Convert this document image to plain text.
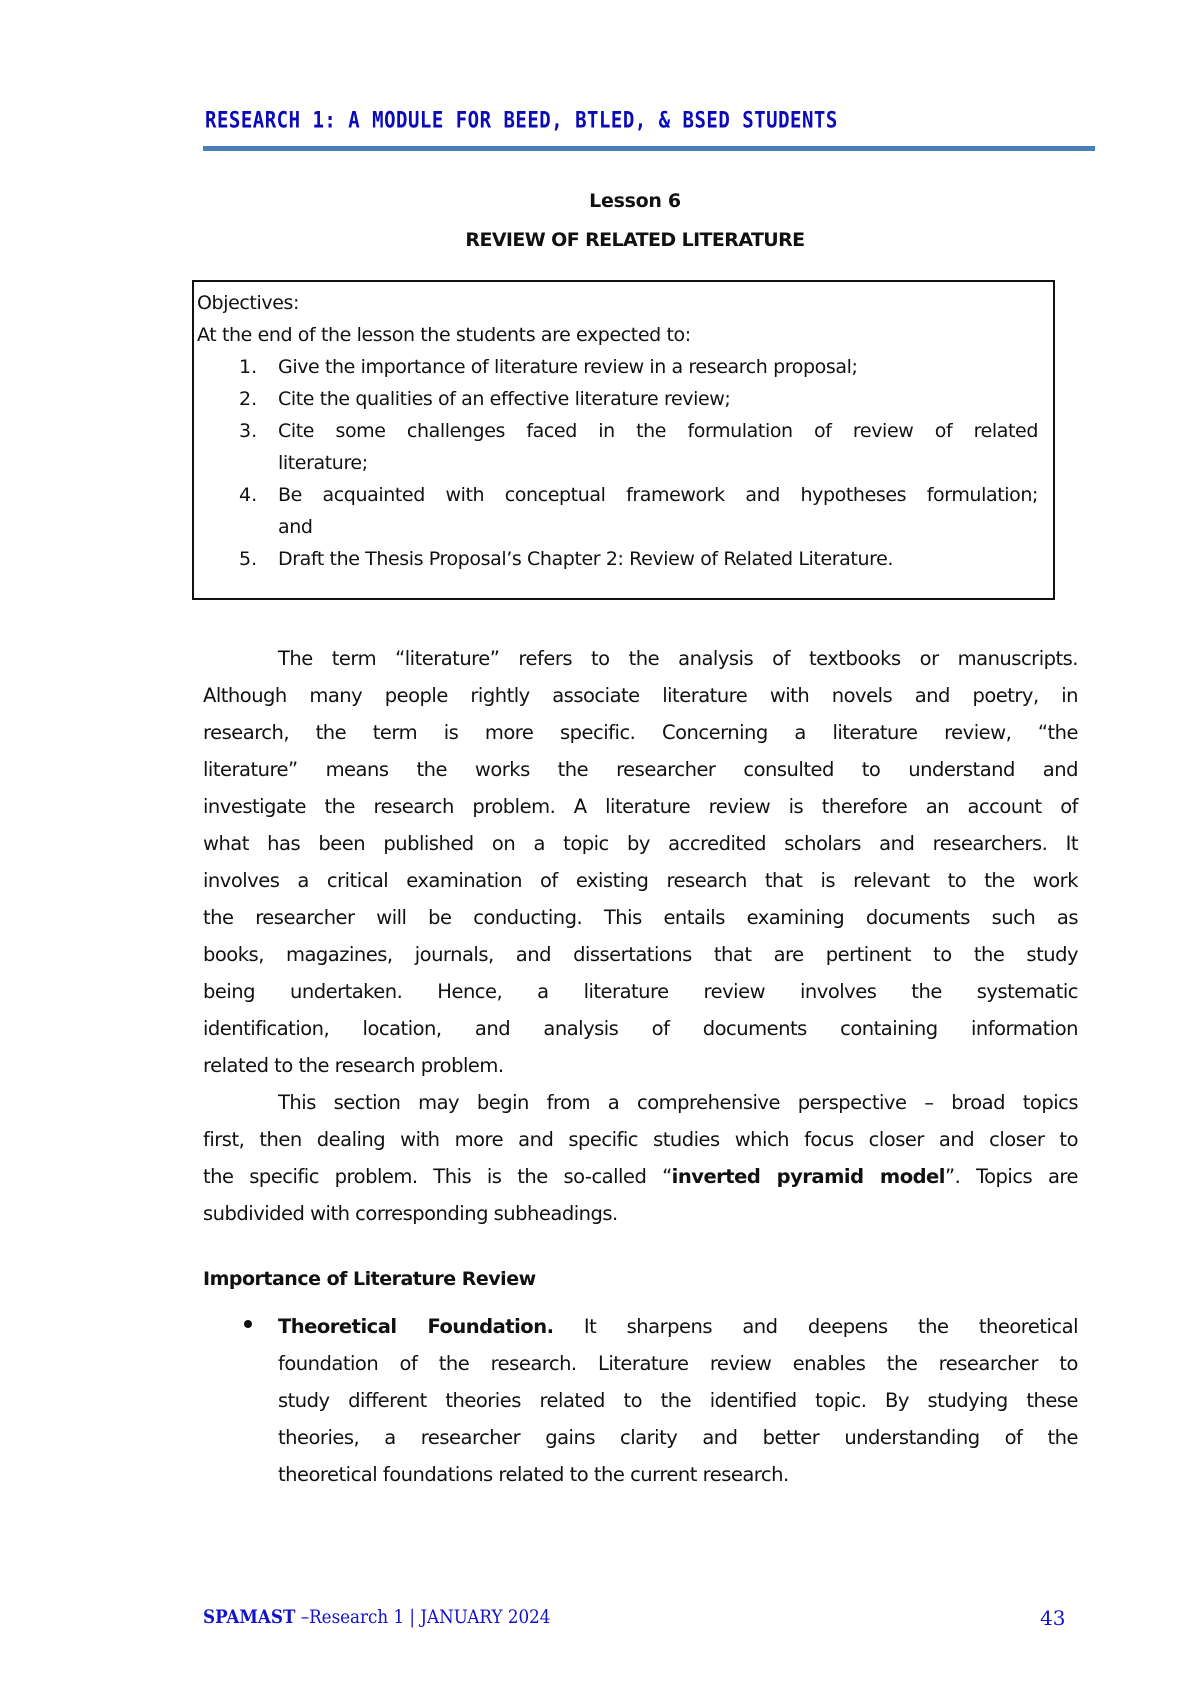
RESEARCH 1: A MODULE FOR BEED, BTLED, & BSED STUDENTS
Lesson 6
REVIEW OF RELATED LITERATURE
Objectives:
At the end of the lesson the students are expected to:
1. Give the importance of literature review in a research proposal;
2. Cite the qualities of an effective literature review;
3. Cite some challenges faced in the formulation of review of related
literature;
4. Be acquainted with conceptual framework and hypotheses formulation;
and
5. Draft the Thesis Proposal’s Chapter 2: Review of Related Literature.
The term “literature” refers to the analysis of textbooks or manuscripts.
Although many people rightly associate literature with novels and poetry, in
research, the term is more specific. Concerning a literature review, “the
literature” means the works the researcher consulted to understand and
investigate the research problem. A literature review is therefore an account of
what has been published on a topic by accredited scholars and researchers. It
involves a critical examination of existing research that is relevant to the work
the researcher will be conducting. This entails examining documents such as
books, magazines, journals, and dissertations that are pertinent to the study
being undertaken. Hence, a literature review involves the systematic
identification, location, and analysis of documents containing information
related to the research problem.
This section may begin from a comprehensive perspective – broad topics
first, then dealing with more and specific studies which focus closer and closer to
the specific problem. This is the so-called “inverted pyramid model”. Topics are
subdivided with corresponding subheadings.
Importance of Literature Review
Theoretical Foundation. It sharpens and deepens the theoretical
foundation of the research. Literature review enables the researcher to
study different theories related to the identified topic. By studying these
theories, a researcher gains clarity and better understanding of the
theoretical foundations related to the current research.
SPAMAST –Research 1 | JANUARY 2024	43
